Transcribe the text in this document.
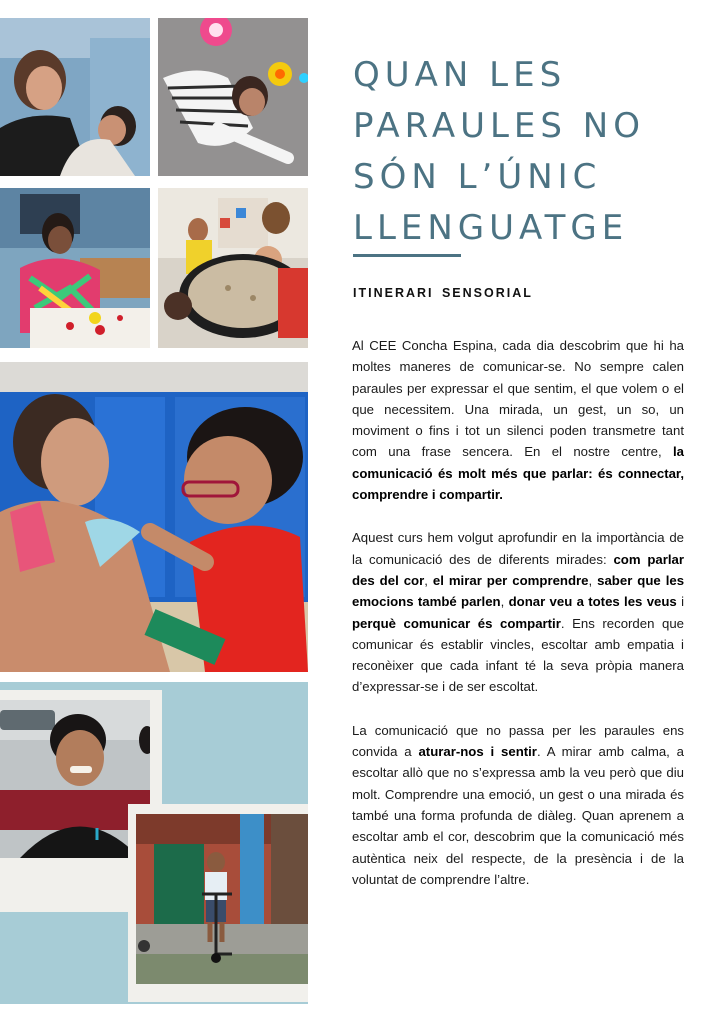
QUAN LES
PARAULES NO
SÓN L’ÚNIC
LLENGUATGE
ITINERARI SENSORIAL

Al CEE Concha Espina, cada dia descobrim que hi ha moltes maneres de comunicar-se. No sempre calen paraules per expressar el que sentim, el que volem o el que necessitem. Una mirada, un gest, un so, un moviment o fins i tot un silenci poden transmetre tant com una frase sencera. En el nostre centre, la comunicació és molt més que parlar: és connectar, comprendre i compartir.

Aquest curs hem volgut aprofundir en la importància de la comunicació des de diferents mirades: com parlar des del cor, el mirar per comprendre, saber que les emocions també parlen, donar veu a totes les veus i perquè comunicar és compartir. Ens recorden que comunicar és establir vincles, escoltar amb empatia i reconèixer que cada infant té la seva pròpia manera d’expressar-se i de ser escoltat.

La comunicació que no passa per les paraules ens convida a aturar-nos i sentir. A mirar amb calma, a escoltar allò que no s’expressa amb la veu però que diu molt. Comprendre una emoció, un gest o una mirada és també una forma profunda de diàleg. Quan aprenem a escoltar amb el cor, descobrim que la comunicació més autèntica neix del respecte, de la presència i de la voluntat de comprendre l’altre.
